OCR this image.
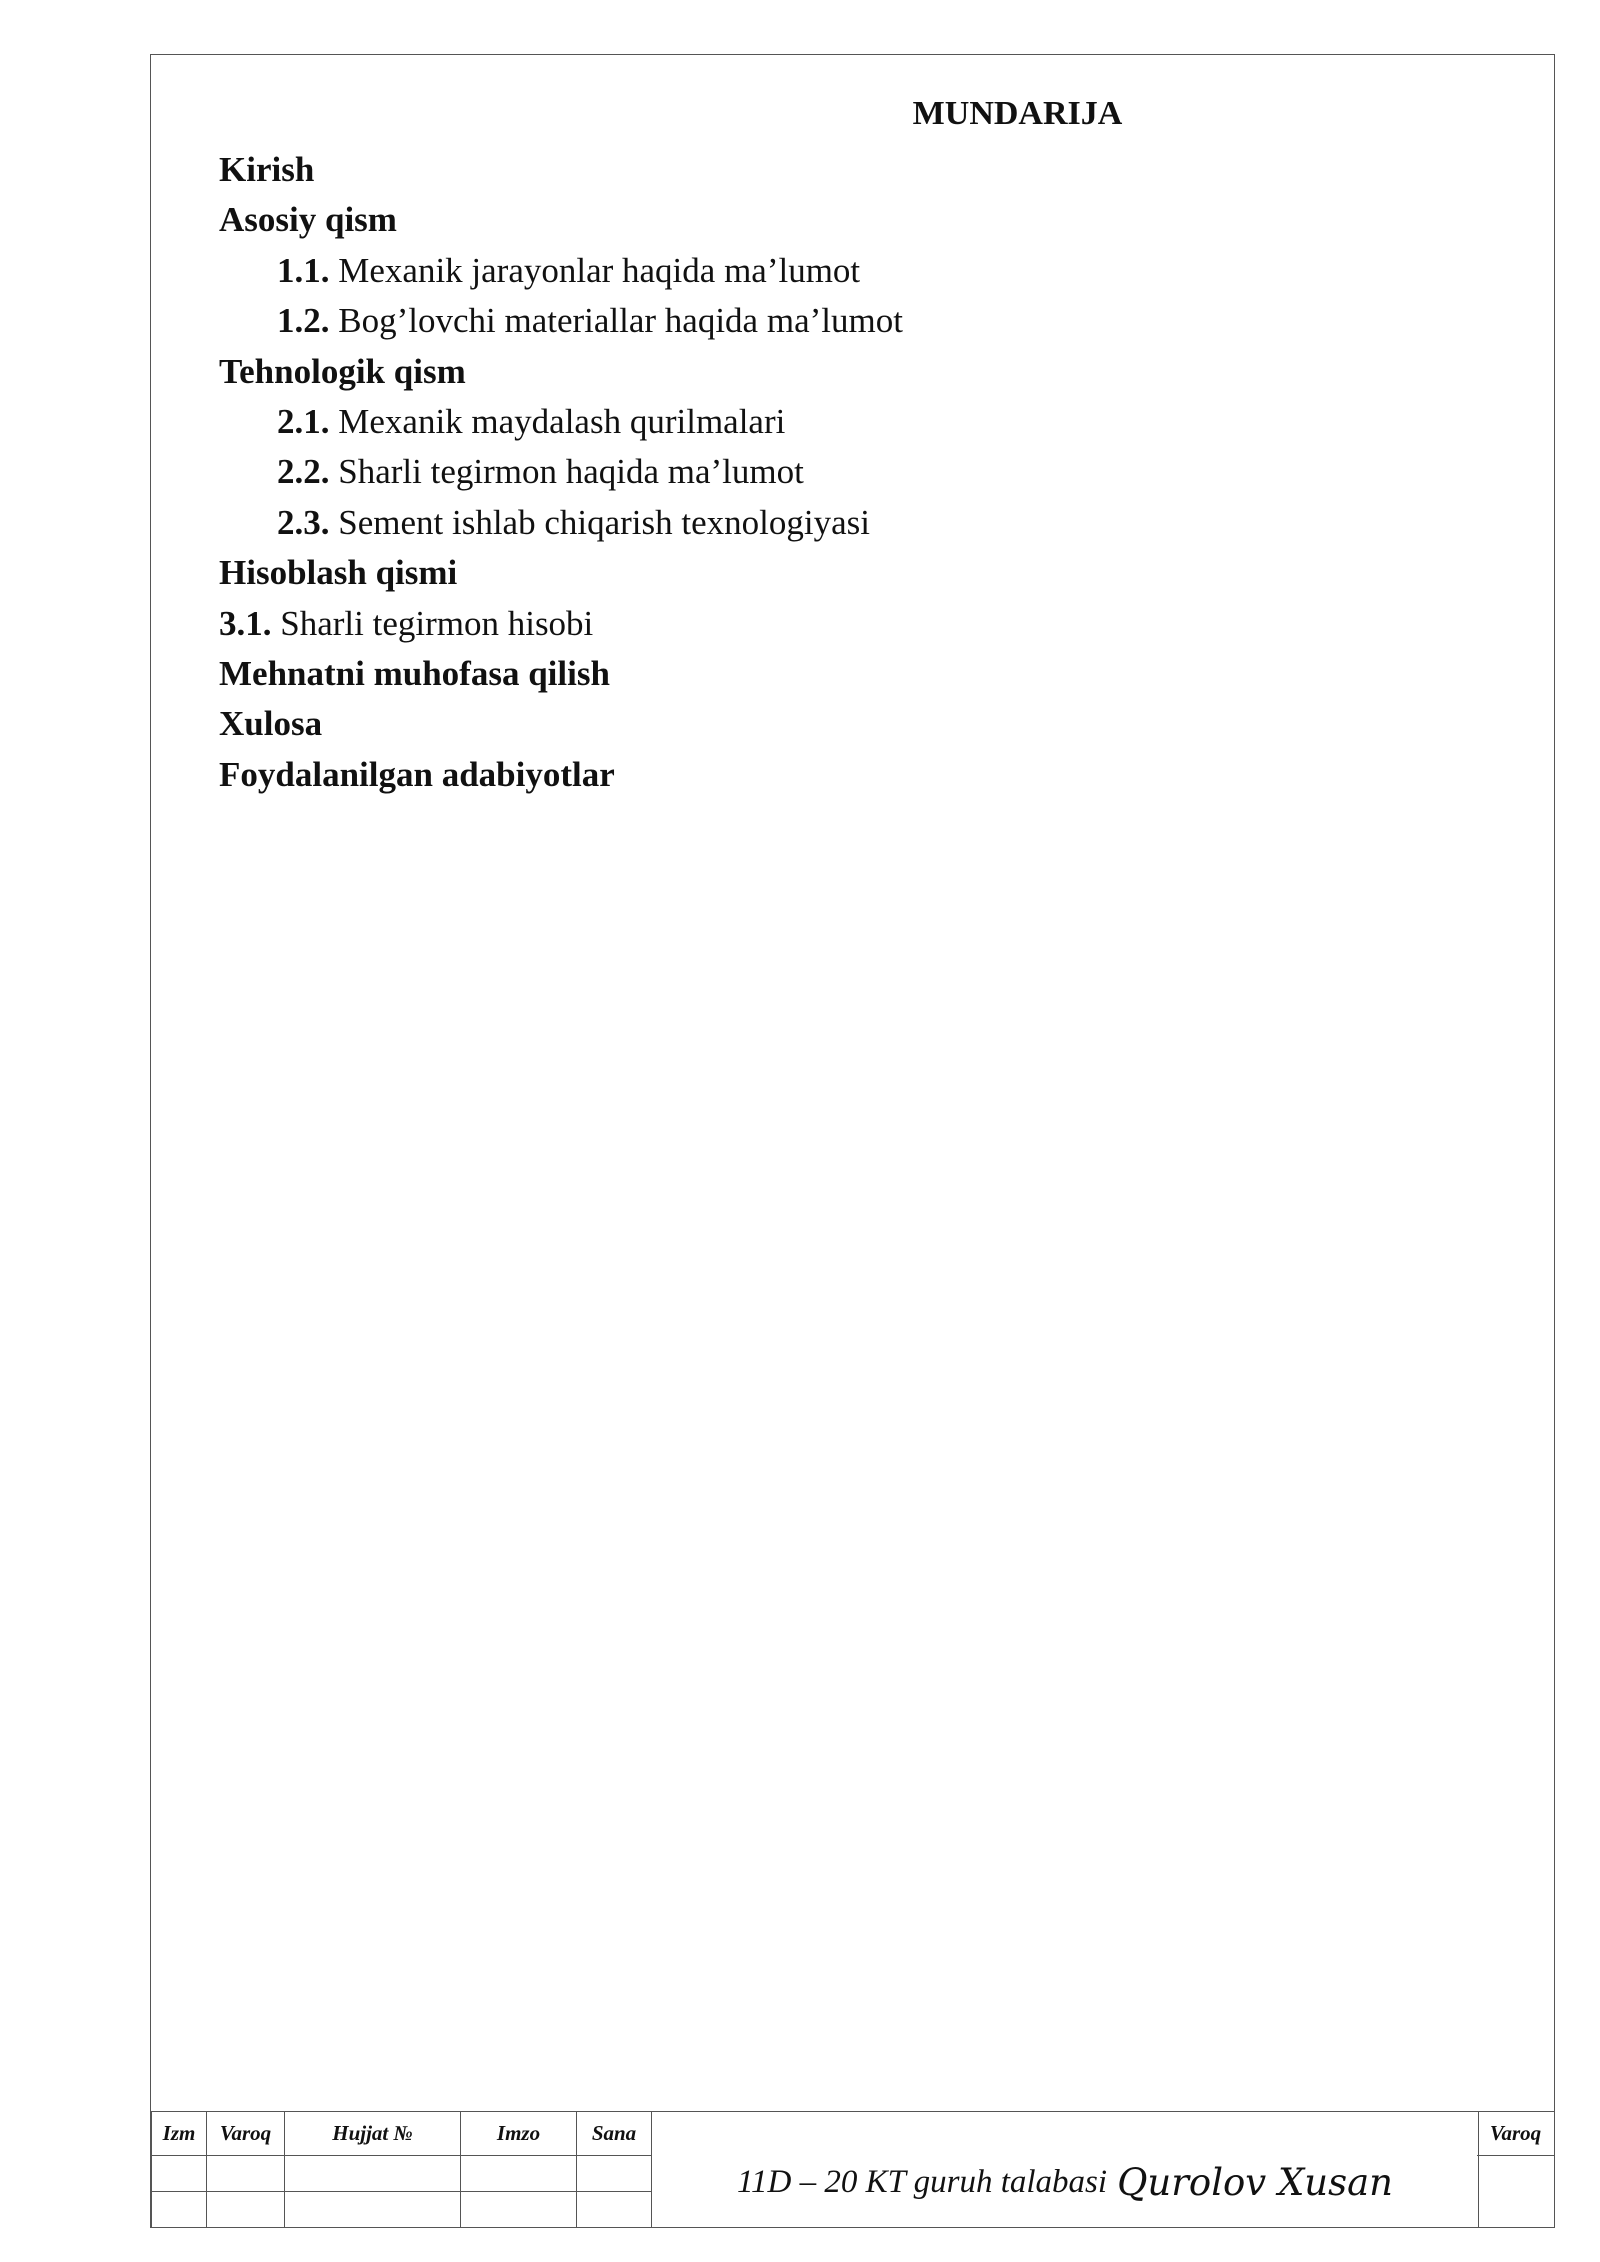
MUNDARIJA
Kirish
Asosiy qism
1.1. Mexanik jarayonlar haqida ma’lumot
1.2. Bog’lovchi materiallar haqida ma’lumot
Tehnologik qism
2.1. Mexanik maydalash qurilmalari
2.2. Sharli tegirmon haqida ma’lumot
2.3. Sement ishlab chiqarish texnologiyasi
Hisoblash qismi
3.1. Sharli tegirmon hisobi
Mehnatni muhofasa qilish
Xulosa
Foydalanilgan adabiyotlar
Izm	Varoq	Hujjat №	Imzo	Sana

11D – 20 KT guruh talabasi Qurolov Xusan
Varoq
